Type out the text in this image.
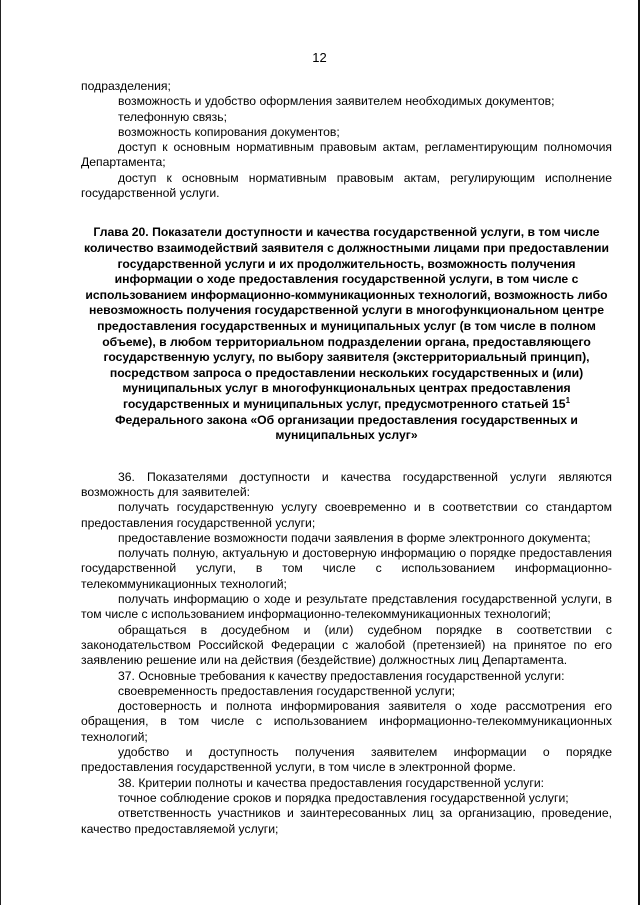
12

подразделения;

возможность и удобство оформления заявителем необходимых документов;

телефонную связь;

возможность копирования документов;

доступ к основным нормативным правовым актам, регламентирующим полномочия Департамента;

доступ к основным нормативным правовым актам, регулирующим исполнение государственной услуги.

Глава 20. Показатели доступности и качества государственной услуги, в том числе количество взаимодействий заявителя с должностными лицами при предоставлении государственной услуги и их продолжительность, возможность получения информации о ходе предоставления государственной услуги, в том числе с использованием информационно-коммуникационных технологий, возможность либо невозможность получения государственной услуги в многофункциональном центре предоставления государственных и муниципальных услуг (в том числе в полном объеме), в любом территориальном подразделении органа, предоставляющего государственную услугу, по выбору заявителя (экстерриториальный принцип), посредством запроса о предоставлении нескольких государственных и (или) муниципальных услуг в многофункциональных центрах предоставления государственных и муниципальных услуг, предусмотренного статьей $15^1$ Федерального закона «Об организации предоставления государственных и муниципальных услуг»

36. Показателями доступности и качества государственной услуги являются возможность для заявителей:

получать государственную услугу своевременно и в соответствии со стандартом предоставления государственной услуги;

предоставление возможности подачи заявления в форме электронного документа;

получать полную, актуальную и достоверную информацию о порядке предоставления государственной услуги, в том числе с использованием информационно-телекоммуникационных технологий;

получать информацию о ходе и результате представления государственной услуги, в том числе с использованием информационно-телекоммуникационных технологий;

обращаться в досудебном и (или) судебном порядке в соответствии с законодательством Российской Федерации с жалобой (претензией) на принятое по его заявлению решение или на действия (бездействие) должностных лиц Департамента.

37. Основные требования к качеству предоставления государственной услуги:

своевременность предоставления государственной услуги;

достоверность и полнота информирования заявителя о ходе рассмотрения его обращения, в том числе с использованием информационно-телекоммуникационных технологий;

удобство и доступность получения заявителем информации о порядке предоставления государственной услуги, в том числе в электронной форме.

38. Критерии полноты и качества предоставления государственной услуги:

точное соблюдение сроков и порядка предоставления государственной услуги;

ответственность участников и заинтересованных лиц за организацию, проведение, качество предоставляемой услуги;
